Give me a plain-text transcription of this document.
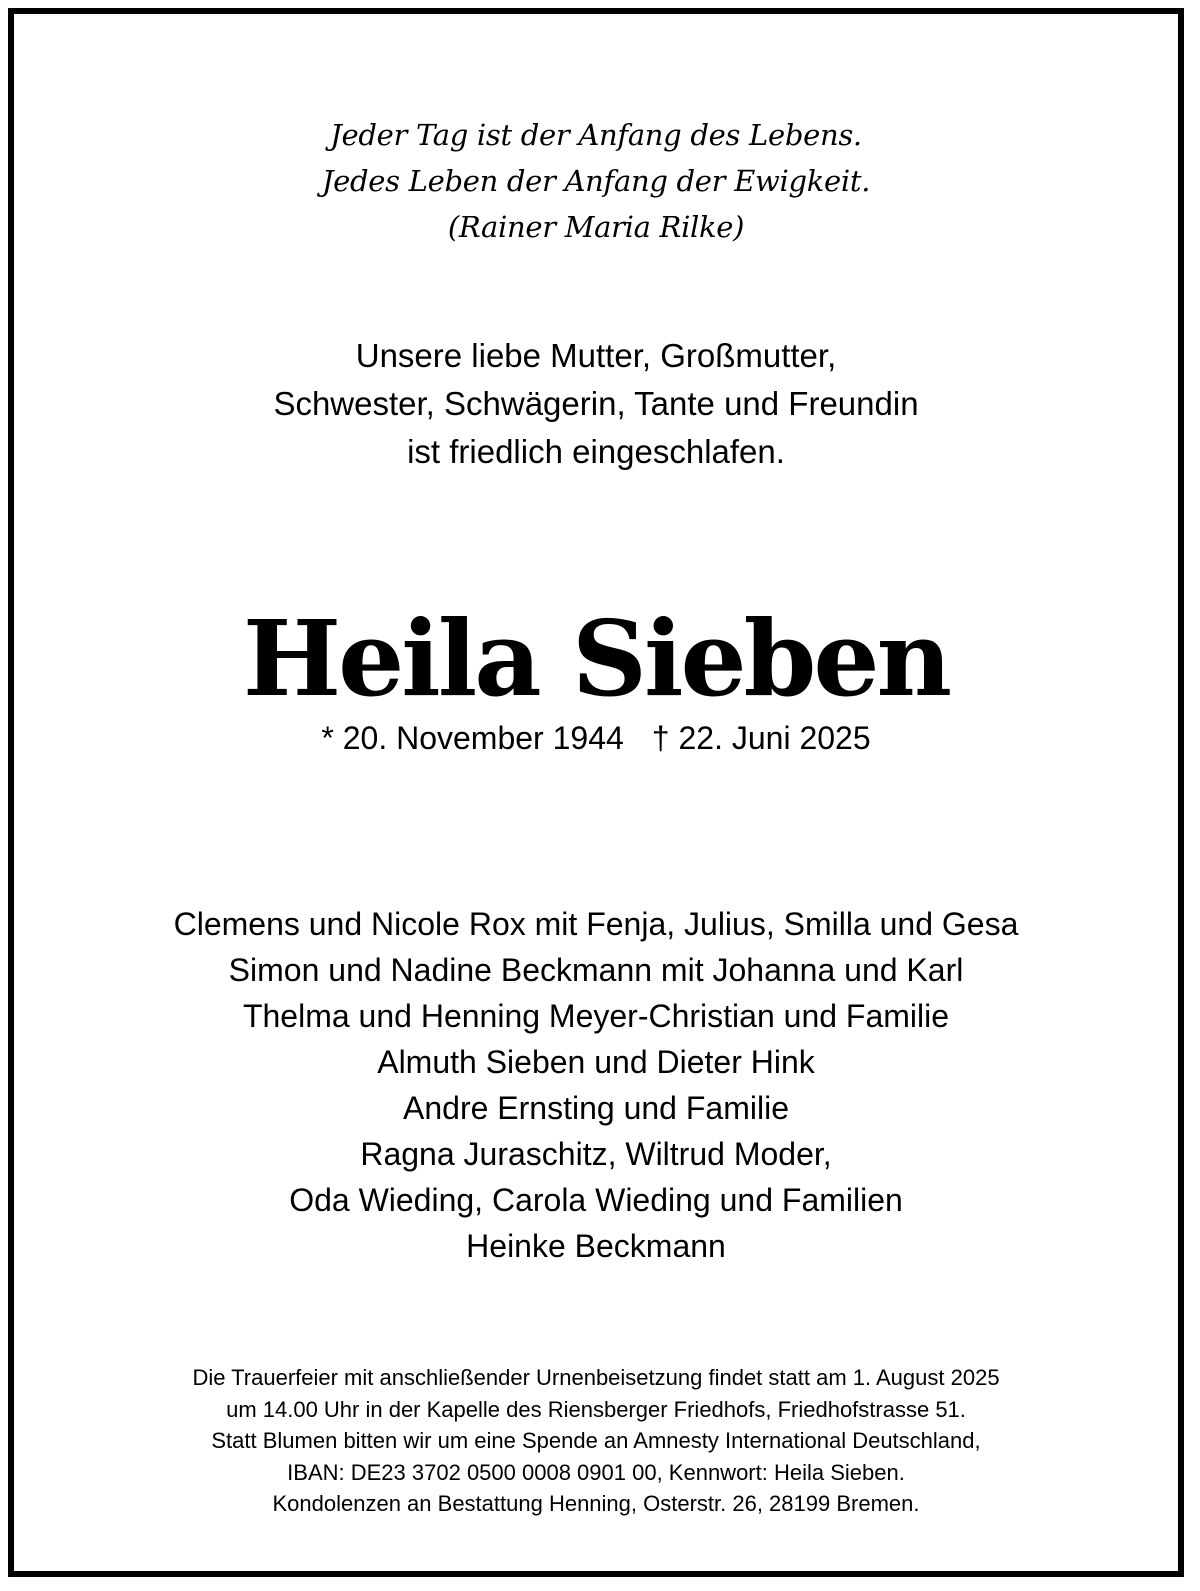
Jeder Tag ist der Anfang des Lebens.
Jedes Leben der Anfang der Ewigkeit.
(Rainer Maria Rilke)
Unsere liebe Mutter, Großmutter,
Schwester, Schwägerin, Tante und Freundin
ist friedlich eingeschlafen.
Heila Sieben
* 20. November 1944 † 22. Juni 2025
Clemens und Nicole Rox mit Fenja, Julius, Smilla und Gesa
Simon und Nadine Beckmann mit Johanna und Karl
Thelma und Henning Meyer-Christian und Familie
Almuth Sieben und Dieter Hink
Andre Ernsting und Familie
Ragna Juraschitz, Wiltrud Moder,
Oda Wieding, Carola Wieding und Familien
Heinke Beckmann
Die Trauerfeier mit anschließender Urnenbeisetzung findet statt am 1. August 2025
um 14.00 Uhr in der Kapelle des Riensberger Friedhofs, Friedhofstrasse 51.
Statt Blumen bitten wir um eine Spende an Amnesty International Deutschland,
IBAN: DE23 3702 0500 0008 0901 00, Kennwort: Heila Sieben.
Kondolenzen an Bestattung Henning, Osterstr. 26, 28199 Bremen.
